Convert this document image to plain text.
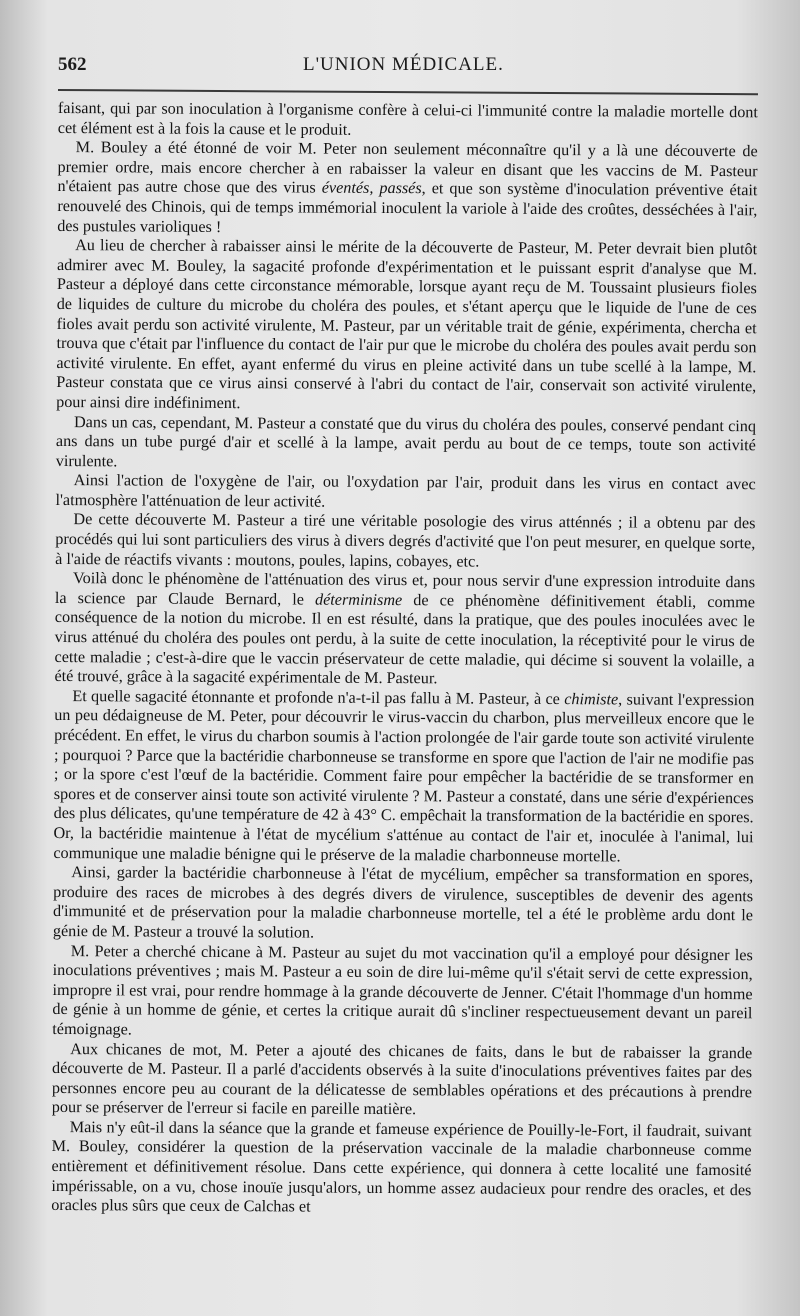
562	L'UNION MÉDICALE.

faisant, qui par son inoculation à l'organisme confère à celui-ci l'immunité contre la maladie mortelle dont cet élément est à la fois la cause et le produit.

M. Bouley a été étonné de voir M. Peter non seulement méconnaître qu'il y a là une découverte de premier ordre, mais encore chercher à en rabaisser la valeur en disant que les vaccins de M. Pasteur n'étaient pas autre chose que des virus éventés, passés, et que son système d'inoculation préventive était renouvelé des Chinois, qui de temps immémorial inoculent la variole à l'aide des croûtes, desséchées à l'air, des pustules varioliques !

Au lieu de chercher à rabaisser ainsi le mérite de la découverte de Pasteur, M. Peter devrait bien plutôt admirer avec M. Bouley, la sagacité profonde d'expérimentation et le puissant esprit d'analyse que M. Pasteur a déployé dans cette circonstance mémorable, lorsque ayant reçu de M. Toussaint plusieurs fioles de liquides de culture du microbe du choléra des poules, et s'étant aperçu que le liquide de l'une de ces fioles avait perdu son activité virulente, M. Pasteur, par un véritable trait de génie, expérimenta, chercha et trouva que c'était par l'influence du contact de l'air pur que le microbe du choléra des poules avait perdu son activité virulente. En effet, ayant enfermé du virus en pleine activité dans un tube scellé à la lampe, M. Pasteur constata que ce virus ainsi conservé à l'abri du contact de l'air, conservait son activité virulente, pour ainsi dire indéfiniment.

Dans un cas, cependant, M. Pasteur a constaté que du virus du choléra des poules, conservé pendant cinq ans dans un tube purgé d'air et scellé à la lampe, avait perdu au bout de ce temps, toute son activité virulente.

Ainsi l'action de l'oxygène de l'air, ou l'oxydation par l'air, produit dans les virus en contact avec l'atmosphère l'atténuation de leur activité.

De cette découverte M. Pasteur a tiré une véritable posologie des virus atténnés ; il a obtenu par des procédés qui lui sont particuliers des virus à divers degrés d'activité que l'on peut mesurer, en quelque sorte, à l'aide de réactifs vivants : moutons, poules, lapins, cobayes, etc.

Voilà donc le phénomène de l'atténuation des virus et, pour nous servir d'une expression introduite dans la science par Claude Bernard, le déterminisme de ce phénomène définitivement établi, comme conséquence de la notion du microbe. Il en est résulté, dans la pratique, que des poules inoculées avec le virus atténué du choléra des poules ont perdu, à la suite de cette inoculation, la réceptivité pour le virus de cette maladie ; c'est-à-dire que le vaccin préservateur de cette maladie, qui décime si souvent la volaille, a été trouvé, grâce à la sagacité expérimentale de M. Pasteur.

Et quelle sagacité étonnante et profonde n'a-t-il pas fallu à M. Pasteur, à ce chimiste, suivant l'expression un peu dédaigneuse de M. Peter, pour découvrir le virus-vaccin du charbon, plus merveilleux encore que le précédent. En effet, le virus du charbon soumis à l'action prolongée de l'air garde toute son activité virulente ; pourquoi ? Parce que la bactéridie charbonneuse se transforme en spore que l'action de l'air ne modifie pas ; or la spore c'est l'œuf de la bactéridie. Comment faire pour empêcher la bactéridie de se transformer en spores et de conserver ainsi toute son activité virulente ? M. Pasteur a constaté, dans une série d'expériences des plus délicates, qu'une température de 42 à 43° C. empêchait la transformation de la bactéridie en spores. Or, la bactéridie maintenue à l'état de mycélium s'atténue au contact de l'air et, inoculée à l'animal, lui communique une maladie bénigne qui le préserve de la maladie charbonneuse mortelle.

Ainsi, garder la bactéridie charbonneuse à l'état de mycélium, empêcher sa transformation en spores, produire des races de microbes à des degrés divers de virulence, susceptibles de devenir des agents d'immunité et de préservation pour la maladie charbonneuse mortelle, tel a été le problème ardu dont le génie de M. Pasteur a trouvé la solution.

M. Peter a cherché chicane à M. Pasteur au sujet du mot vaccination qu'il a employé pour désigner les inoculations préventives ; mais M. Pasteur a eu soin de dire lui-même qu'il s'était servi de cette expression, impropre il est vrai, pour rendre hommage à la grande découverte de Jenner. C'était l'hommage d'un homme de génie à un homme de génie, et certes la critique aurait dû s'incliner respectueusement devant un pareil témoignage.

Aux chicanes de mot, M. Peter a ajouté des chicanes de faits, dans le but de rabaisser la grande découverte de M. Pasteur. Il a parlé d'accidents observés à la suite d'inoculations préventives faites par des personnes encore peu au courant de la délicatesse de semblables opérations et des précautions à prendre pour se préserver de l'erreur si facile en pareille matière.

Mais n'y eût-il dans la séance que la grande et fameuse expérience de Pouilly-le-Fort, il faudrait, suivant M. Bouley, considérer la question de la préservation vaccinale de la maladie charbonneuse comme entièrement et définitivement résolue. Dans cette expérience, qui donnera à cette localité une famosité impérissable, on a vu, chose inouïe jusqu'alors, un homme assez audacieux pour rendre des oracles, et des oracles plus sûrs que ceux de Calchas et
